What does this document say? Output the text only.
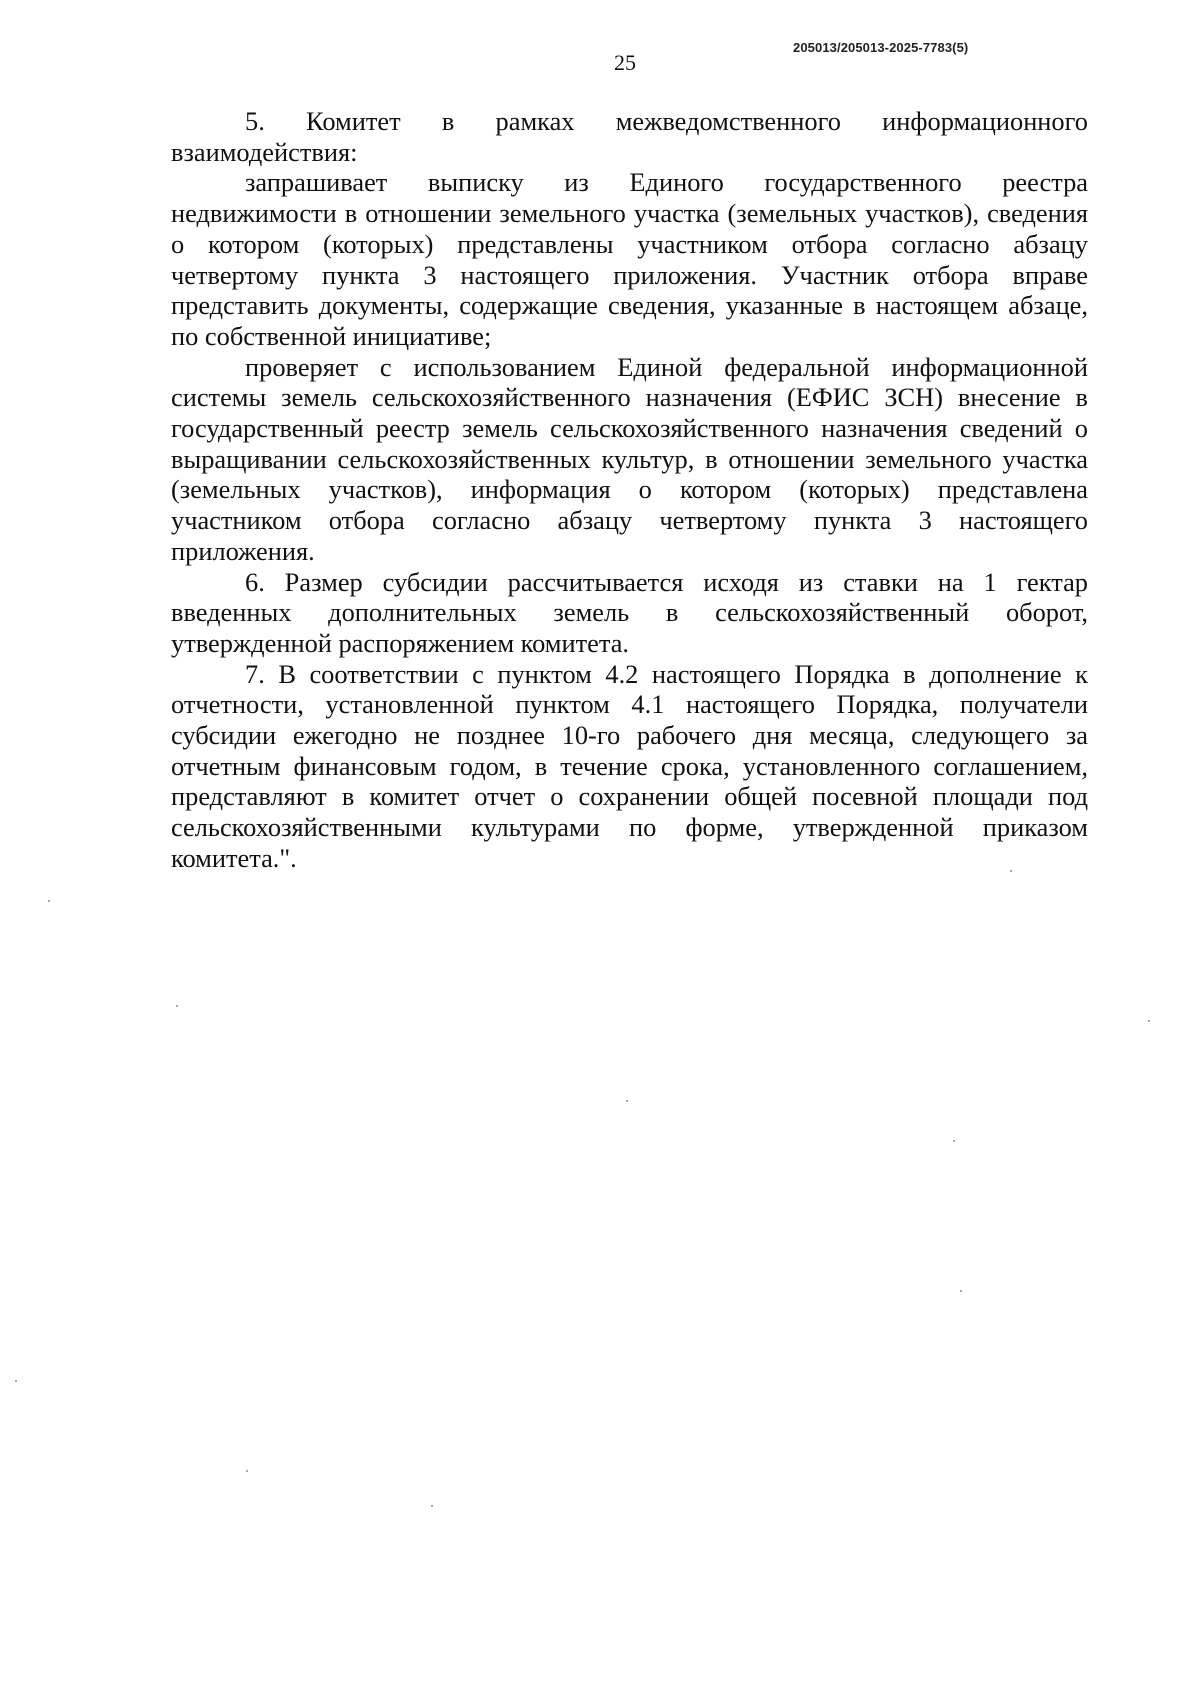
205013/205013-2025-7783(5)
25

5. Комитет в рамках межведомственного информационного взаимодействия:

запрашивает выписку из Единого государственного реестра недвижимости в отношении земельного участка (земельных участков), сведения о котором (которых) представлены участником отбора согласно абзацу четвертому пункта 3 настоящего приложения. Участник отбора вправе представить документы, содержащие сведения, указанные в настоящем абзаце, по собственной инициативе;

проверяет с использованием Единой федеральной информационной системы земель сельскохозяйственного назначения (ЕФИС ЗСН) внесение в государственный реестр земель сельскохозяйственного назначения сведений о выращивании сельскохозяйственных культур, в отношении земельного участка (земельных участков), информация о котором (которых) представлена участником отбора согласно абзацу четвертому пункта 3 настоящего приложения.

6. Размер субсидии рассчитывается исходя из ставки на 1 гектар введенных дополнительных земель в сельскохозяйственный оборот, утвержденной распоряжением комитета.

7. В соответствии с пунктом 4.2 настоящего Порядка в дополнение к отчетности, установленной пунктом 4.1 настоящего Порядка, получатели субсидии ежегодно не позднее 10-го рабочего дня месяца, следующего за отчетным финансовым годом, в течение срока, установленного соглашением, представляют в комитет отчет о сохранении общей посевной площади под сельскохозяйственными культурами по форме, утвержденной приказом комитета.".
